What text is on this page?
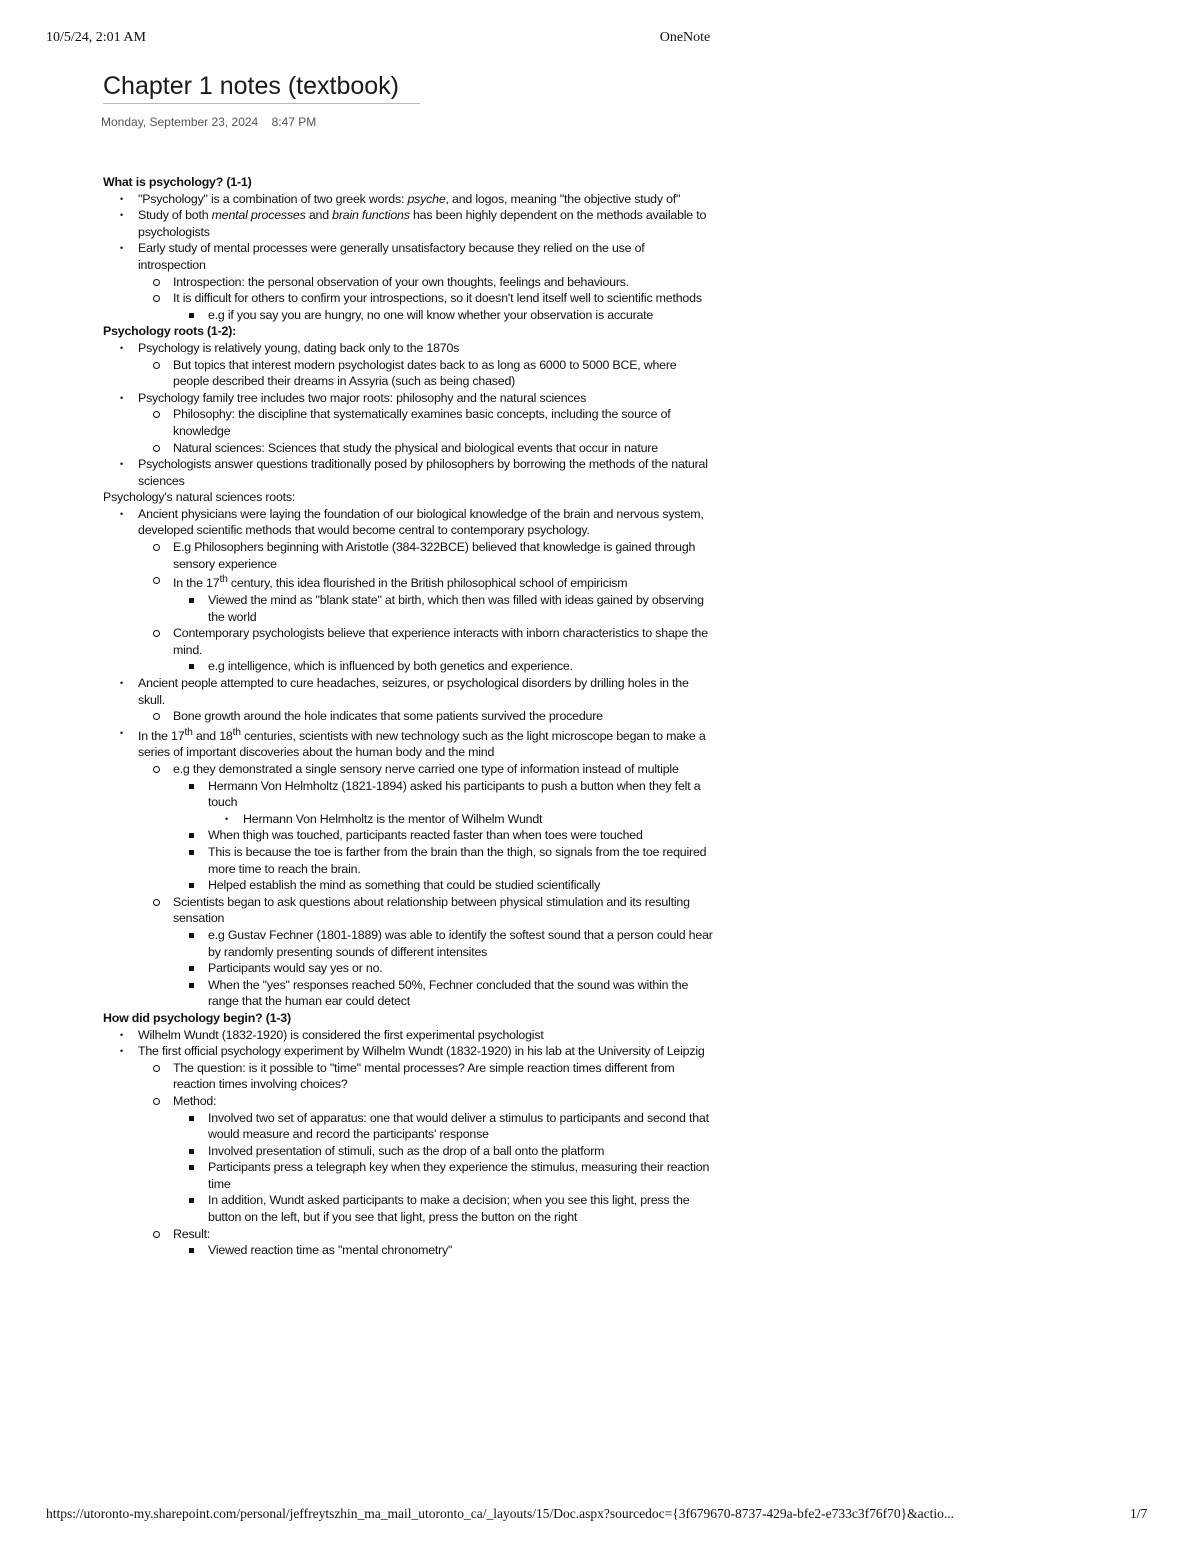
10/5/24, 2:01 AM	OneNote
Chapter 1 notes (textbook)
Monday, September 23, 2024 8:47 PM
What is psychology? (1-1)
• "Psychology" is a combination of two greek words: psyche, and logos, meaning "the objective study of"
• Study of both mental processes and brain functions has been highly dependent on the methods available to psychologists
• Early study of mental processes were generally unsatisfactory because they relied on the use of introspection
Introspection: the personal observation of your own thoughts, feelings and behaviours.
It is difficult for others to confirm your introspections, so it doesn't lend itself well to scientific methods
e.g if you say you are hungry, no one will know whether your observation is accurate
Psychology roots (1-2):
• Psychology is relatively young, dating back only to the 1870s
But topics that interest modern psychologist dates back to as long as 6000 to 5000 BCE, where people described their dreams in Assyria (such as being chased)
• Psychology family tree includes two major roots: philosophy and the natural sciences
Philosophy: the discipline that systematically examines basic concepts, including the source of knowledge
Natural sciences: Sciences that study the physical and biological events that occur in nature
• Psychologists answer questions traditionally posed by philosophers by borrowing the methods of the natural sciences
Psychology's natural sciences roots:
• Ancient physicians were laying the foundation of our biological knowledge of the brain and nervous system, developed scientific methods that would become central to contemporary psychology.
E.g Philosophers beginning with Aristotle (384-322BCE) believed that knowledge is gained through sensory experience
In the 17th century, this idea flourished in the British philosophical school of empiricism
Viewed the mind as "blank state" at birth, which then was filled with ideas gained by observing the world
Contemporary psychologists believe that experience interacts with inborn characteristics to shape the mind.
e.g intelligence, which is influenced by both genetics and experience.
• Ancient people attempted to cure headaches, seizures, or psychological disorders by drilling holes in the skull.
Bone growth around the hole indicates that some patients survived the procedure
• In the 17th and 18th centuries, scientists with new technology such as the light microscope began to make a series of important discoveries about the human body and the mind
e.g they demonstrated a single sensory nerve carried one type of information instead of multiple
Hermann Von Helmholtz (1821-1894) asked his participants to push a button when they felt a touch
• Hermann Von Helmholtz is the mentor of Wilhelm Wundt
When thigh was touched, participants reacted faster than when toes were touched
This is because the toe is farther from the brain than the thigh, so signals from the toe required more time to reach the brain.
Helped establish the mind as something that could be studied scientifically
Scientists began to ask questions about relationship between physical stimulation and its resulting sensation
e.g Gustav Fechner (1801-1889) was able to identify the softest sound that a person could hear by randomly presenting sounds of different intensites
Participants would say yes or no.
When the "yes" responses reached 50%, Fechner concluded that the sound was within the range that the human ear could detect
How did psychology begin? (1-3)
• Wilhelm Wundt (1832-1920) is considered the first experimental psychologist
• The first official psychology experiment by Wilhelm Wundt (1832-1920) in his lab at the University of Leipzig
The question: is it possible to "time" mental processes? Are simple reaction times different from reaction times involving choices?
Method:
Involved two set of apparatus: one that would deliver a stimulus to participants and second that would measure and record the participants' response
Involved presentation of stimuli, such as the drop of a ball onto the platform
Participants press a telegraph key when they experience the stimulus, measuring their reaction time
In addition, Wundt asked participants to make a decision; when you see this light, press the button on the left, but if you see that light, press the button on the right
Result:
Viewed reaction time as "mental chronometry"
https://utoronto-my.sharepoint.com/personal/jeffreytszhin_ma_mail_utoronto_ca/_layouts/15/Doc.aspx?sourcedoc={3f679670-8737-429a-bfe2-e733c3f76f70}&actio...	1/7
